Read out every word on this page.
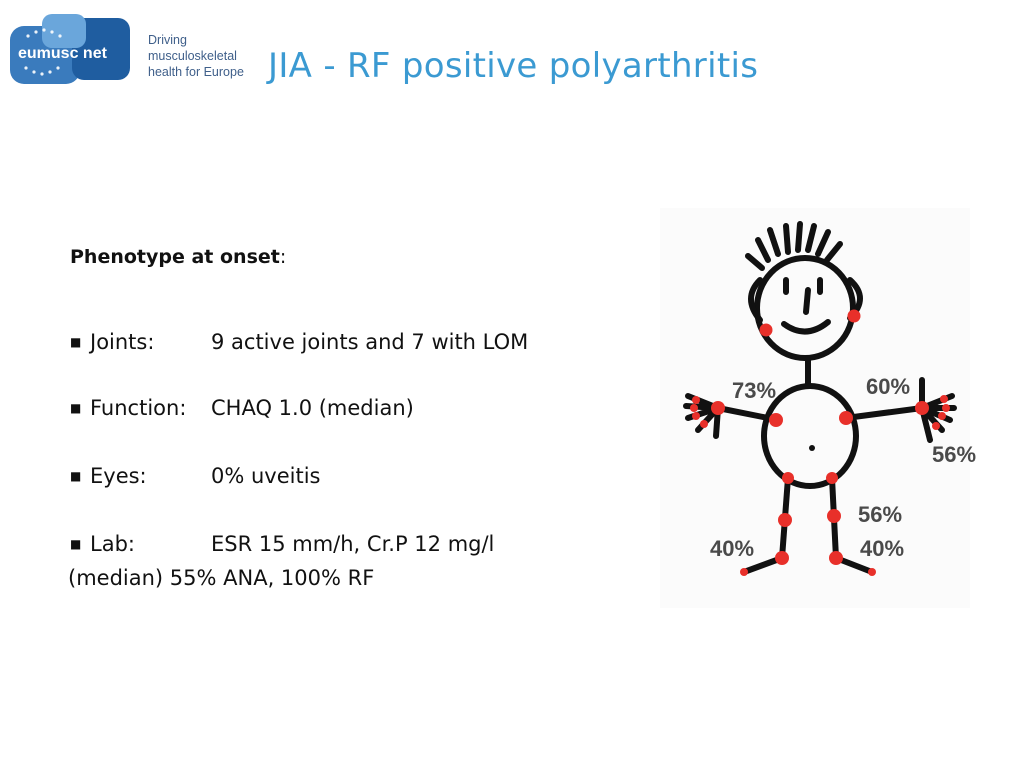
eumusc net
Driving musculoskeletal
health for Europe JIA - RF positive polyarthritis
Phenotype at onset:
■ Joints:	9 active joints and 7 with LOM
■ Function: CHAQ 1.0 (median)
■ Eyes:	0% uveitis
■ Lab:	ESR 15 mm/h, Cr.P 12 mg/l
(median) 55% ANA, 100% RF
73%	60%
56%
56%
40%	40%
